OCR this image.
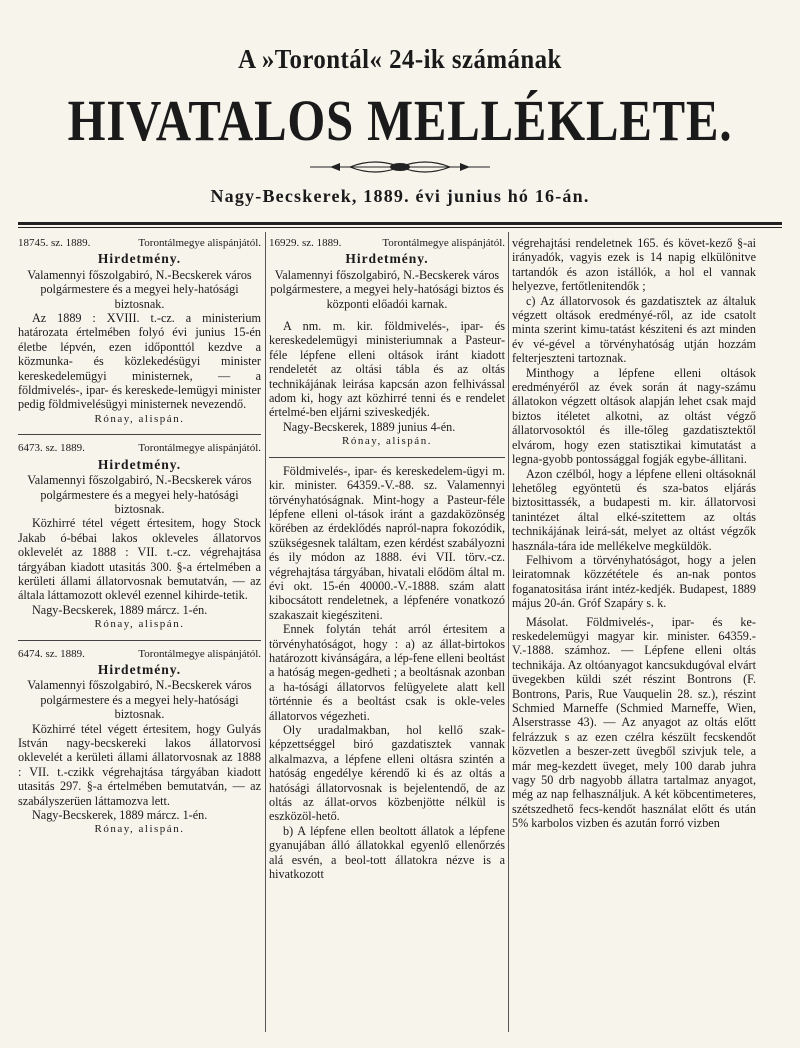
A »Torontál« 24-ik számának
HIVATALOS MELLÉKLETE.
Nagy-Becskerek, 1889. évi junius hó 16-án.
18745. sz. 1889.	Torontálmegye alispánjától.
Hirdetmény.

Valamennyi főszolgabiró, N.-Becskerek város polgármestere és a megyei hely-hatósági biztosnak.

Az 1889 : XVIII. t.-cz. a ministerium határozata értelmében folyó évi junius 15-én életbe lépvén, ezen időponttól kezdve a közmunka- és közlekedésügyi minister kereskedelemügyi ministernek, — a földmivelés-, ipar- és kereskede-lemügyi minister pedig földmivelésügyi ministernek nevezendő.

Rónay, alispán.

6473. sz. 1889.	Torontálmegye alispánjától.
Hirdetmény.

Valamennyi főszolgabiró, N.-Becskerek város polgármestere és a megyei hely-hatósági biztosnak.

Közhirré tétel végett értesitem, hogy Stock Jakab ó-bébai lakos okleveles állatorvos oklevelét az 1888 : VII. t.-cz. végrehajtása tárgyában kiadott utasitás 300. §-a értelmében a kerületi állami állatorvosnak bemutatván, — az általa láttamozott oklevél ezennel kihirde-tetik.

Nagy-Becskerek, 1889 márcz. 1-én.

Rónay, alispán.

6474. sz. 1889.	Torontálmegye alispánjától.
Hirdetmény.

Valamennyi főszolgabiró, N.-Becskerek város polgármestere és a megyei hely-hatósági biztosnak.

Közhirré tétel végett értesitem, hogy Gulyás István nagy-becskereki lakos állatorvosi oklevelét a kerületi állami állatorvosnak az 1888 : VII. t.-czikk végrehajtása tárgyában kiadott utasitás 297. §-a értelmében bemutatván, — az szabályszerüen láttamozva lett.

Nagy-Becskerek, 1889 márcz. 1-én.

Rónay, alispán.

16929. sz. 1889.	Torontálmegye alispánjától.
Hirdetmény.

Valamennyi főszolgabiró, N.-Becskerek város polgármestere, a megyei hely-hatósági biztos és központi előadói karnak.

A nm. m. kir. földmivelés-, ipar- és kereskedelemügyi ministeriumnak a Pasteur-féle lépfene elleni oltások iránt kiadott rendeletét az oltási tábla és az oltás technikájának leirása kapcsán azon felhivással adom ki, hogy azt közhirré tenni és e rendelet értelmé-ben eljárni sziveskedjék.

Nagy-Becskerek, 1889 junius 4-én.

Rónay, alispán.

Földmivelés-, ipar- és kereskedelem-ügyi m. kir. minister. 64359.-V.-88. sz. Valamennyi törvényhatóságnak. Mint-hogy a Pasteur-féle lépfene elleni ol-tások iránt a gazdaközönség körében az érdeklődés napról-napra fokozódik, szükségesnek találtam, ezen kérdést szabályozni és ily módon az 1888. évi VII. törv.-cz. végrehajtása tárgyában, hivatali elődöm által m. évi okt. 15-én 40000.-V.-1888. szám alatt kibocsátott rendeletnek, a lépfenére vonatkozó szakaszait kiegésziteni.

Ennek folytán tehát arról értesitem a törvényhatóságot, hogy : a) az állat-birtokos határozott kivánságára, a lép-fene elleni beoltást a hatóság megen-gedheti ; a beoltásnak azonban a ha-tósági állatorvos felügyelete alatt kell történnie és a beoltást csak is okle-veles állatorvos végezheti.

Oly uradalmakban, hol kellő szak-képzettséggel biró gazdatisztek vannak alkalmazva, a lépfene elleni oltásra szintén a hatóság engedélye kérendő ki és az oltás a hatósági állatorvosnak is bejelentendő, de az oltás az állat-orvos közbenjötte nélkül is eszközöl-hető.

b) A lépfene ellen beoltott állatok a lépfene gyanujában álló állatokkal egyenlő ellenőrzés alá esvén, a beol-tott állatokra nézve is a hivatkozott

végrehajtási rendeletnek 165. és követ-kező §-ai irányadók, vagyis ezek is 14 napig elkülönitve tartandók és azon istállók, a hol el vannak helyezve, fertőtlenitendők ;

c) Az állatorvosok és gazdatisztek az általuk végzett oltások eredményé-ről, az ide csatolt minta szerint kimu-tatást késziteni és azt minden év vé-gével a törvényhatóság utján hozzám felterjeszteni tartoznak.

Minthogy a lépfene elleni oltások eredményéről az évek során át nagy-számu állatokon végzett oltások alapján lehet csak majd biztos itéletet alkotni, az oltást végző állatorvosoktól és ille-tőleg gazdatisztektől elvárom, hogy ezen statisztikai kimutatást a legna-gyobb pontossággal fogják egybe-állitani.

Azon czélból, hogy a lépfene elleni oltásoknál lehetőleg egyöntetü és sza-batos eljárás biztosittassék, a budapesti m. kir. állatorvosi tanintézet által elké-szitettem az oltás technikájának leirá-sát, melyet az oltást végzők használa-tára ide mellékelve megküldök.

Felhivom a törvényhatóságot, hogy a jelen leiratomnak közzététele és an-nak pontos foganatositása iránt intéz-kedjék. Budapest, 1889 május 20-án. Gróf Szapáry s. k.

Másolat. Földmivelés-, ipar- és ke-reskedelemügyi magyar kir. minister. 64359.-V.-1888. számhoz. — Lépfene elleni oltás technikája. Az oltóanyagot kancsukdugóval elvárt üvegekben küldi szét részint Bontrons (F. Bontrons, Paris, Rue Vauquelin 28. sz.), részint Schmied Marneffe (Schmied Marneffe, Wien, Alserstrasse 43). — Az anyagot az oltás előtt felrázzuk s az ezen czélra készült fecskendőt közvetlen a beszer-zett üvegből szivjuk tele, a már meg-kezdett üveget, mely 100 darab juhra vagy 50 drb nagyobb állatra tartalmaz anyagot, még az nap felhasználjuk. A két köbcentimeteres, szétszedhető fecs-kendőt használat előtt és után 5% karbolos vizben és azután forró vizben
